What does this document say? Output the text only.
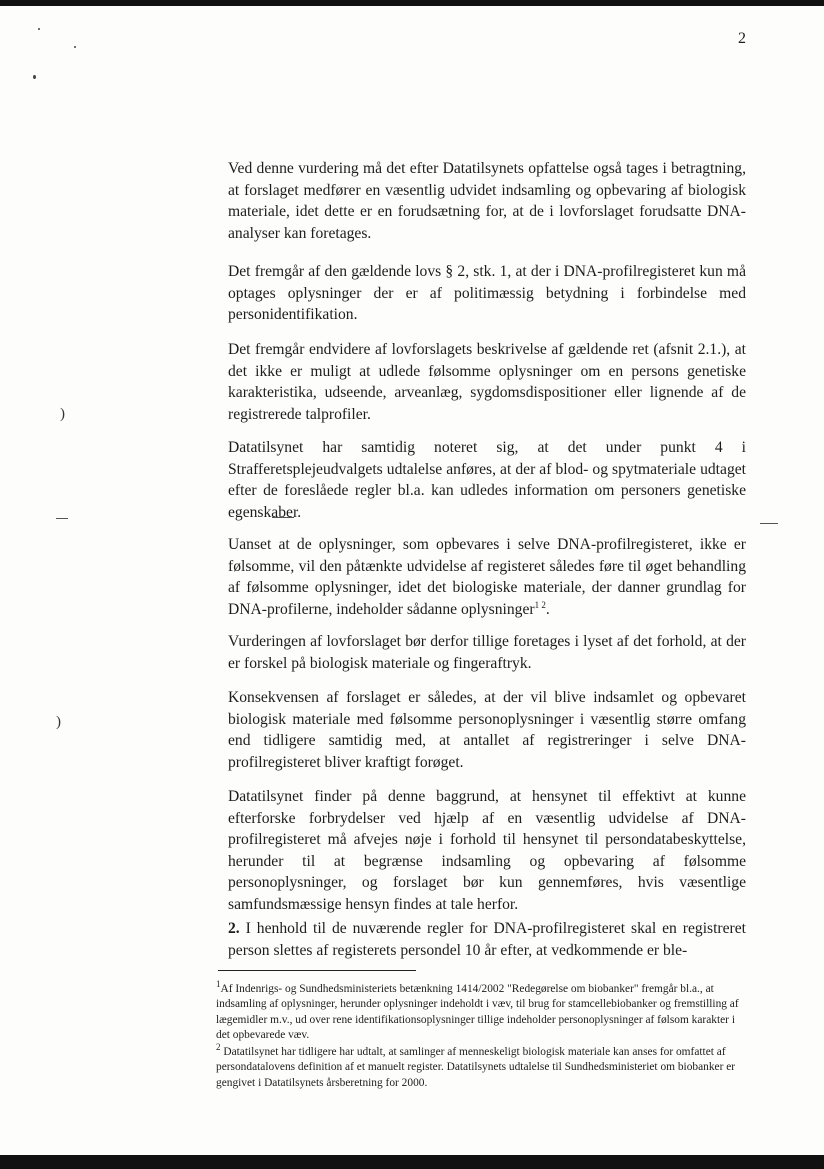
)
)
2

Ved denne vurdering må det efter Datatilsynets opfattelse også tages i betragtning, at forslaget medfører en væsentlig udvidet indsamling og opbevaring af biologisk materiale, idet dette er en forudsætning for, at de i lovforslaget forudsatte DNA-analyser kan foretages.

Det fremgår af den gældende lovs § 2, stk. 1, at der i DNA-profilregisteret kun må optages oplysninger der er af politimæssig betydning i forbindelse med personidentifikation.

Det fremgår endvidere af lovforslagets beskrivelse af gældende ret (afsnit 2.1.), at det ikke er muligt at udlede følsomme oplysninger om en persons genetiske karakteristika, udseende, arveanlæg, sygdomsdispositioner eller lignende af de registrerede talprofiler.

Datatilsynet har samtidig noteret sig, at det under punkt 4 i Strafferetsplejeudvalgets udtalelse anføres, at der af blod- og spytmateriale udtaget efter de foreslåede regler bl.a. kan udledes information om personers genetiske egenskaber.

Uanset at de oplysninger, som opbevares i selve DNA-profilregisteret, ikke er følsomme, vil den påtænkte udvidelse af registeret således føre til øget behandling af følsomme oplysninger, idet det biologiske materiale, der danner grundlag for DNA-profilerne, indeholder sådanne oplysninger$^{1 2}$.

Vurderingen af lovforslaget bør derfor tillige foretages i lyset af det forhold, at der er forskel på biologisk materiale og fingeraftryk.

Konsekvensen af forslaget er således, at der vil blive indsamlet og opbevaret biologisk materiale med følsomme personoplysninger i væsentlig større omfang end tidligere samtidig med, at antallet af registreringer i selve DNA-profilregisteret bliver kraftigt forøget.

Datatilsynet finder på denne baggrund, at hensynet til effektivt at kunne efterforske forbrydelser ved hjælp af en væsentlig udvidelse af DNA-profilregisteret må afvejes nøje i forhold til hensynet til persondatabeskyttelse, herunder til at begrænse indsamling og opbevaring af følsomme personoplysninger, og forslaget bør kun gennemføres, hvis væsentlige samfundsmæssige hensyn findes at tale herfor.

2. I henhold til de nuværende regler for DNA-profilregisteret skal en registreret person slettes af registerets persondel 10 år efter, at vedkommende er ble-

$^1$Af Indenrigs- og Sundhedsministeriets betænkning 1414/2002 "Redegørelse om biobanker" fremgår bl.a., at indsamling af oplysninger, herunder oplysninger indeholdt i væv, til brug for stamcellebiobanker og fremstilling af lægemidler m.v., ud over rene identifikationsoplysninger tillige indeholder personoplysninger af følsom karakter i det opbevarede væv.

$^2$ Datatilsynet har tidligere har udtalt, at samlinger af menneskeligt biologisk materiale kan anses for omfattet af persondatalovens definition af et manuelt register. Datatilsynets udtalelse til Sundhedsministeriet om biobanker er gengivet i Datatilsynets årsberetning for 2000.
